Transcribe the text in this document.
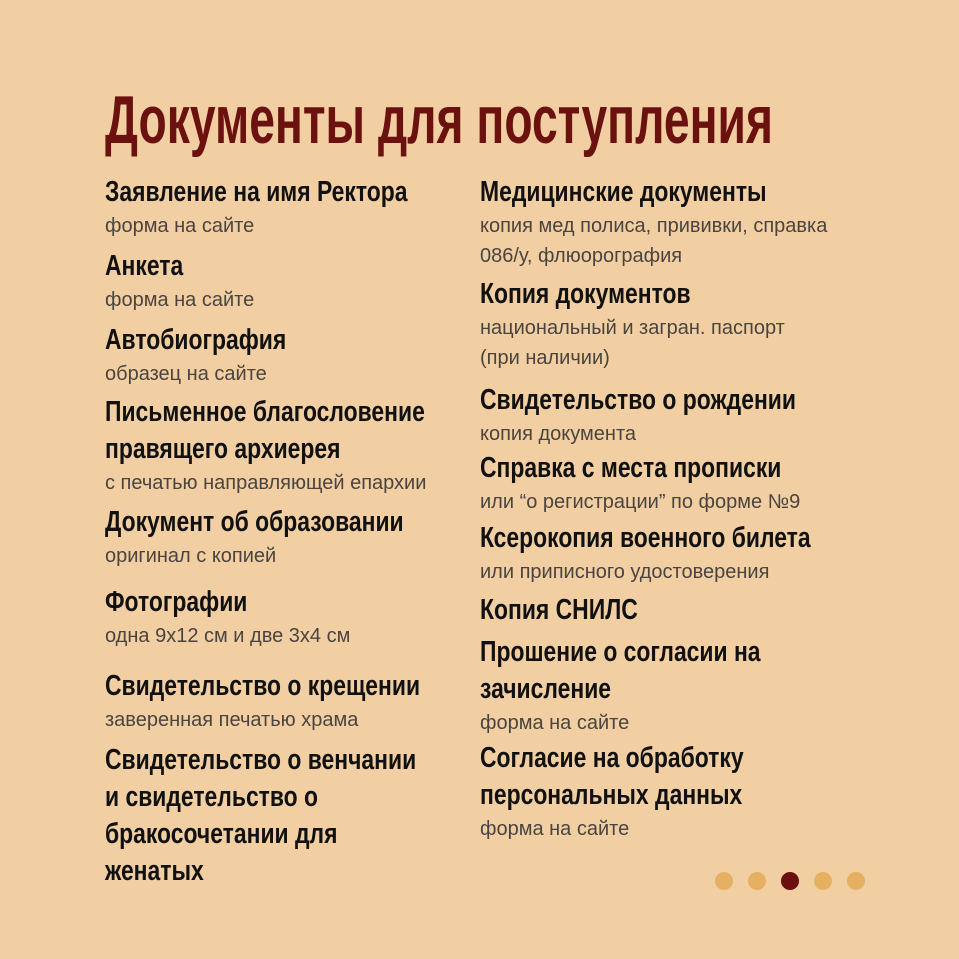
Документы для поступления
Заявление на имя Ректора
форма на сайте
Анкета
форма на сайте
Автобиография
образец на сайте
Письменное благословение
правящего архиерея
с печатью направляющей епархии
Документ об образовании
оригинал с копией
Фотографии
одна 9x12 см и две 3x4 см
Свидетельство о крещении
заверенная печатью храма
Свидетельство о венчании
и свидетельство о
бракосочетании для
женатых
Медицинские документы
копия мед полиса, прививки, справка
086/у, флюорография
Копия документов
национальный и загран. паспорт
(при наличии)
Свидетельство о рождении
копия документа
Справка с места прописки
или “о регистрации” по форме №9
Ксерокопия военного билета
или приписного удостоверения
Копия СНИЛС
Прошение о согласии на
зачисление
форма на сайте
Согласие на обработку
персональных данных
форма на сайте
